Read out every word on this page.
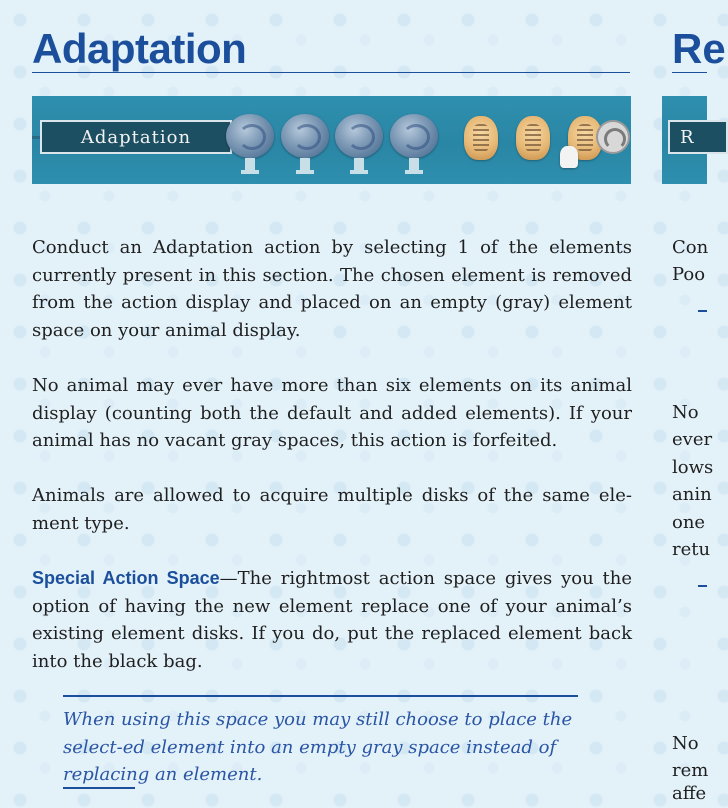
Adaptation	Re
Adaptation	R
Conduct an Adaptation action by selecting 1 of the elements currently present in this section. The chosen element is removed from the action display and placed on an empty (gray) element space on your animal display.
No animal may ever have more than six elements on its animal display (counting both the default and added elements). If your animal has no vacant gray spaces, this action is forfeited.
Animals are allowed to acquire multiple disks of the same ele-ment type.
Special Action Space—The rightmost action space gives you the option of having the new element replace one of your animal’s existing element disks. If you do, put the replaced element back into the black bag.
When using this space you may still choose to place the select-ed element into an empty gray space instead of replacing an element.
Con
Poo
No
ever
lows
anin
one
retu
No
rem
affe
